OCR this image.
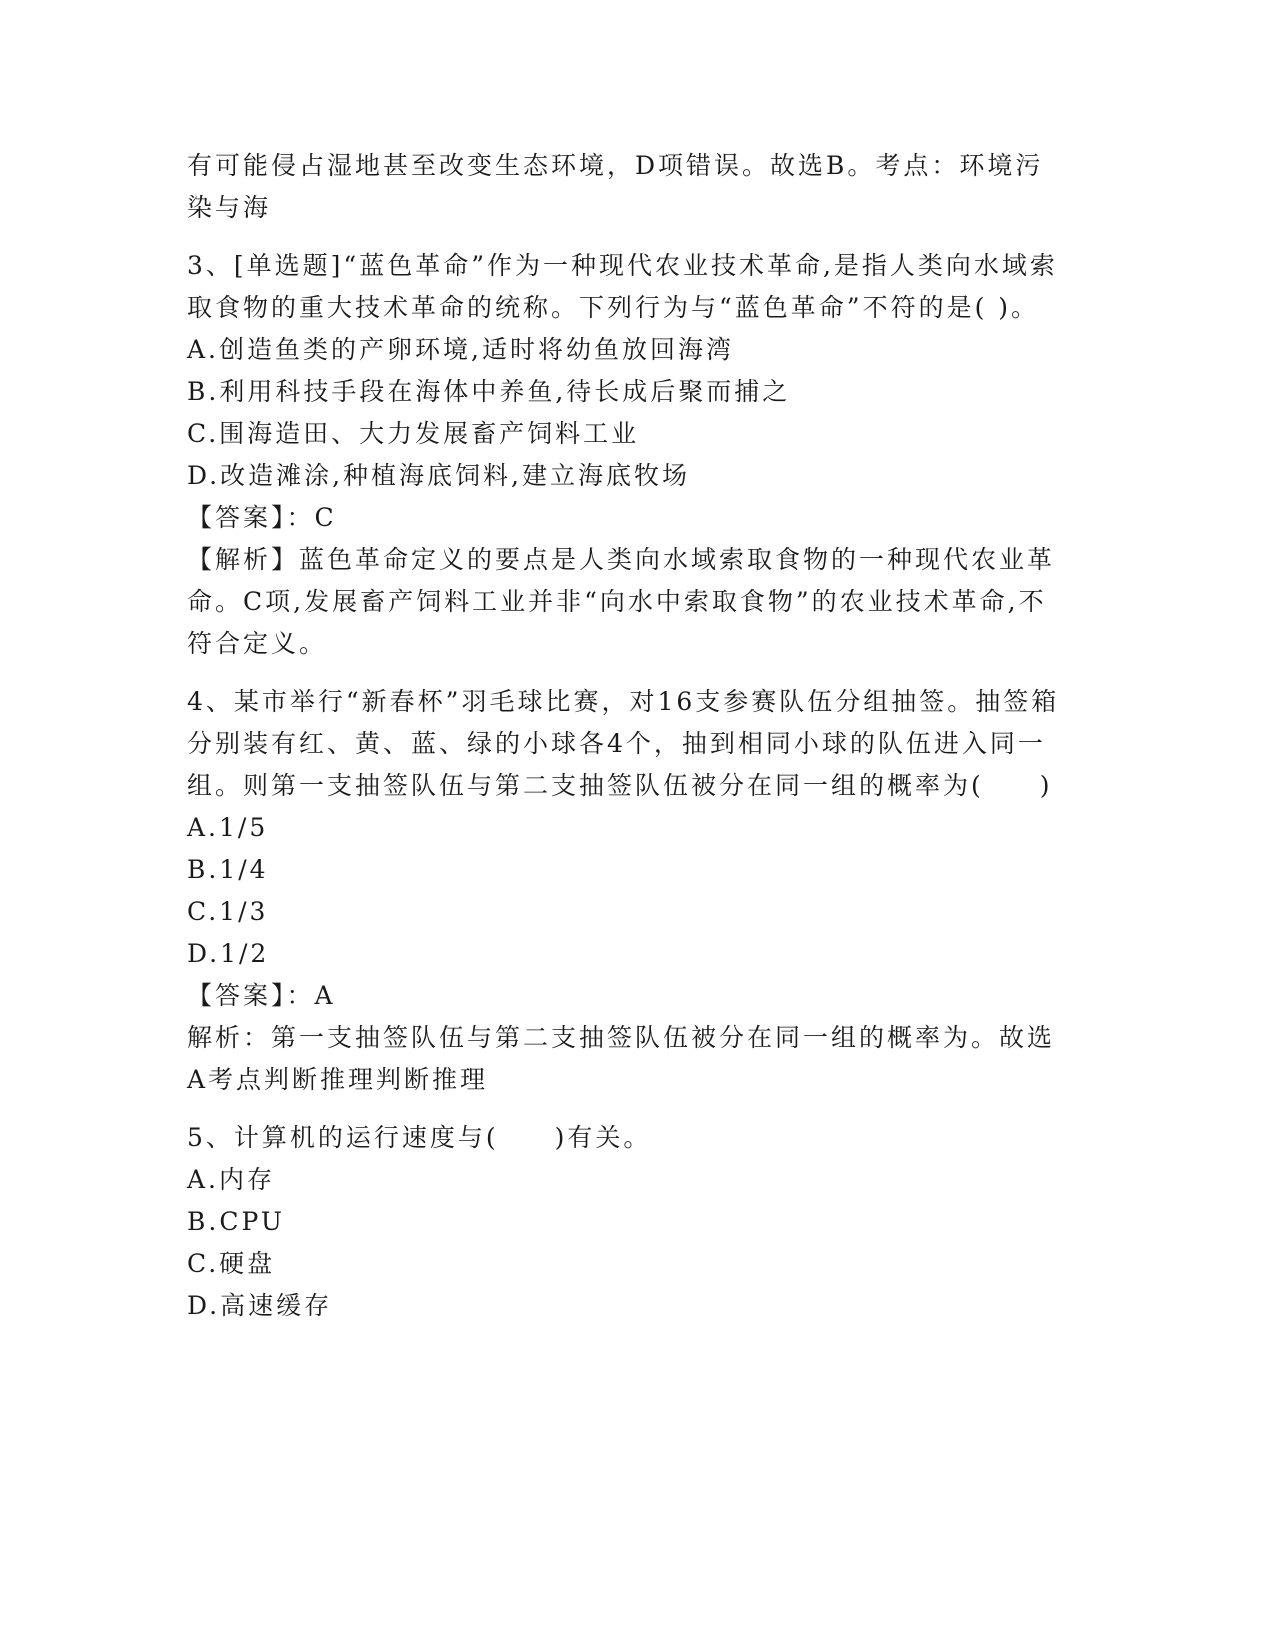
有可能侵占湿地甚至改变生态环境，D项错误。故选B。考点：环境污染与海

3、[单选题]“蓝色革命”作为一种现代农业技术革命,是指人类向水域索取食物的重大技术革命的统称。下列行为与“蓝色革命”不符的是( )。

A.创造鱼类的产卵环境,适时将幼鱼放回海湾

B.利用科技手段在海体中养鱼,待长成后聚而捕之

C.围海造田、大力发展畜产饲料工业

D.改造滩涂,种植海底饲料,建立海底牧场

【答案】：C

【解析】蓝色革命定义的要点是人类向水域索取食物的一种现代农业革命。C项,发展畜产饲料工业并非“向水中索取食物”的农业技术革命,不符合定义。

4、某市举行“新春杯”羽毛球比赛，对16支参赛队伍分组抽签。抽签箱分别装有红、黄、蓝、绿的小球各4个，抽到相同小球的队伍进入同一组。则第一支抽签队伍与第二支抽签队伍被分在同一组的概率为(　　)

A.1/5

B.1/4

C.1/3

D.1/2

【答案】：A

解析：第一支抽签队伍与第二支抽签队伍被分在同一组的概率为。故选A考点判断推理判断推理

5、计算机的运行速度与(　　)有关。

A.内存

B.CPU

C.硬盘

D.高速缓存
